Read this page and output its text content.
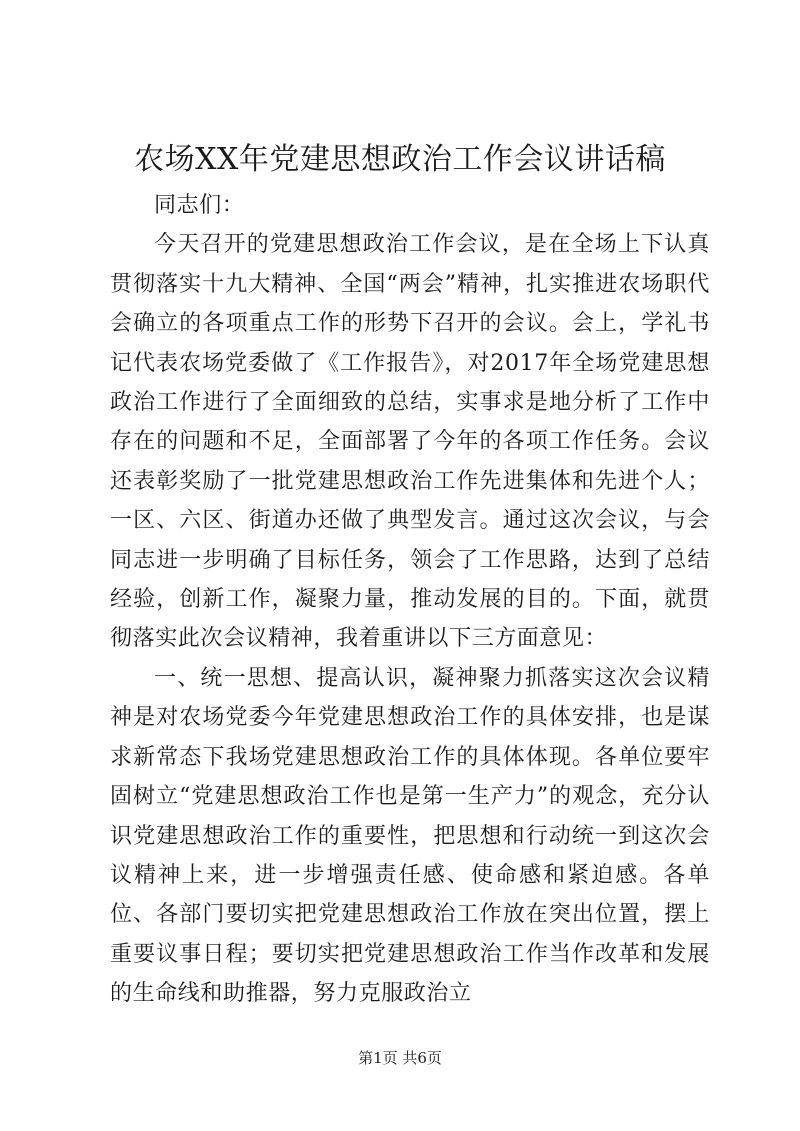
农场XX年党建思想政治工作会议讲话稿

同志们：

今天召开的党建思想政治工作会议，是在全场上下认真贯彻落实十九大精神、全国“两会”精神，扎实推进农场职代会确立的各项重点工作的形势下召开的会议。会上，学礼书记代表农场党委做了《工作报告》，对2017年全场党建思想政治工作进行了全面细致的总结，实事求是地分析了工作中存在的问题和不足，全面部署了今年的各项工作任务。会议还表彰奖励了一批党建思想政治工作先进集体和先进个人；一区、六区、街道办还做了典型发言。通过这次会议，与会同志进一步明确了目标任务，领会了工作思路，达到了总结经验，创新工作，凝聚力量，推动发展的目的。下面，就贯彻落实此次会议精神，我着重讲以下三方面意见：

一、统一思想、提高认识，凝神聚力抓落实这次会议精神是对农场党委今年党建思想政治工作的具体安排，也是谋求新常态下我场党建思想政治工作的具体体现。各单位要牢固树立“党建思想政治工作也是第一生产力”的观念，充分认识党建思想政治工作的重要性，把思想和行动统一到这次会议精神上来，进一步增强责任感、使命感和紧迫感。各单位、各部门要切实把党建思想政治工作放在突出位置，摆上重要议事日程；要切实把党建思想政治工作当作改革和发展的生命线和助推器，努力克服政治立

第1页 共6页
